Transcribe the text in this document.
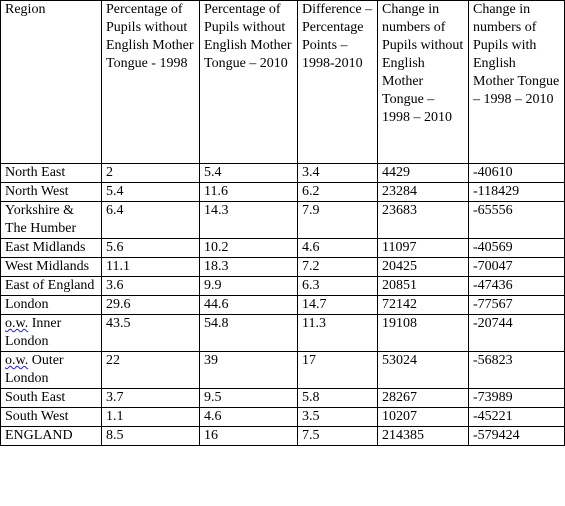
Region	Percentage of Pupils without English Mother Tongue - 1998	Percentage of Pupils without English Mother Tongue – 2010	Difference – Percentage Points – 1998-2010	Change in numbers of Pupils without English Mother Tongue – 1998 – 2010	Change in numbers of Pupils with English Mother Tongue – 1998 – 2010
North East	2	5.4	3.4	4429	-40610
North West	5.4	11.6	6.2	23284	-118429
Yorkshire & The Humber	6.4	14.3	7.9	23683	-65556
East Midlands	5.6	10.2	4.6	11097	-40569
West Midlands	11.1	18.3	7.2	20425	-70047
East of England	3.6	9.9	6.3	20851	-47436
London	29.6	44.6	14.7	72142	-77567
o.w. Inner London	43.5	54.8	11.3	19108	-20744
o.w. Outer London	22	39	17	53024	-56823
South East	3.7	9.5	5.8	28267	-73989
South West	1.1	4.6	3.5	10207	-45221
ENGLAND	8.5	16	7.5	214385	-579424
